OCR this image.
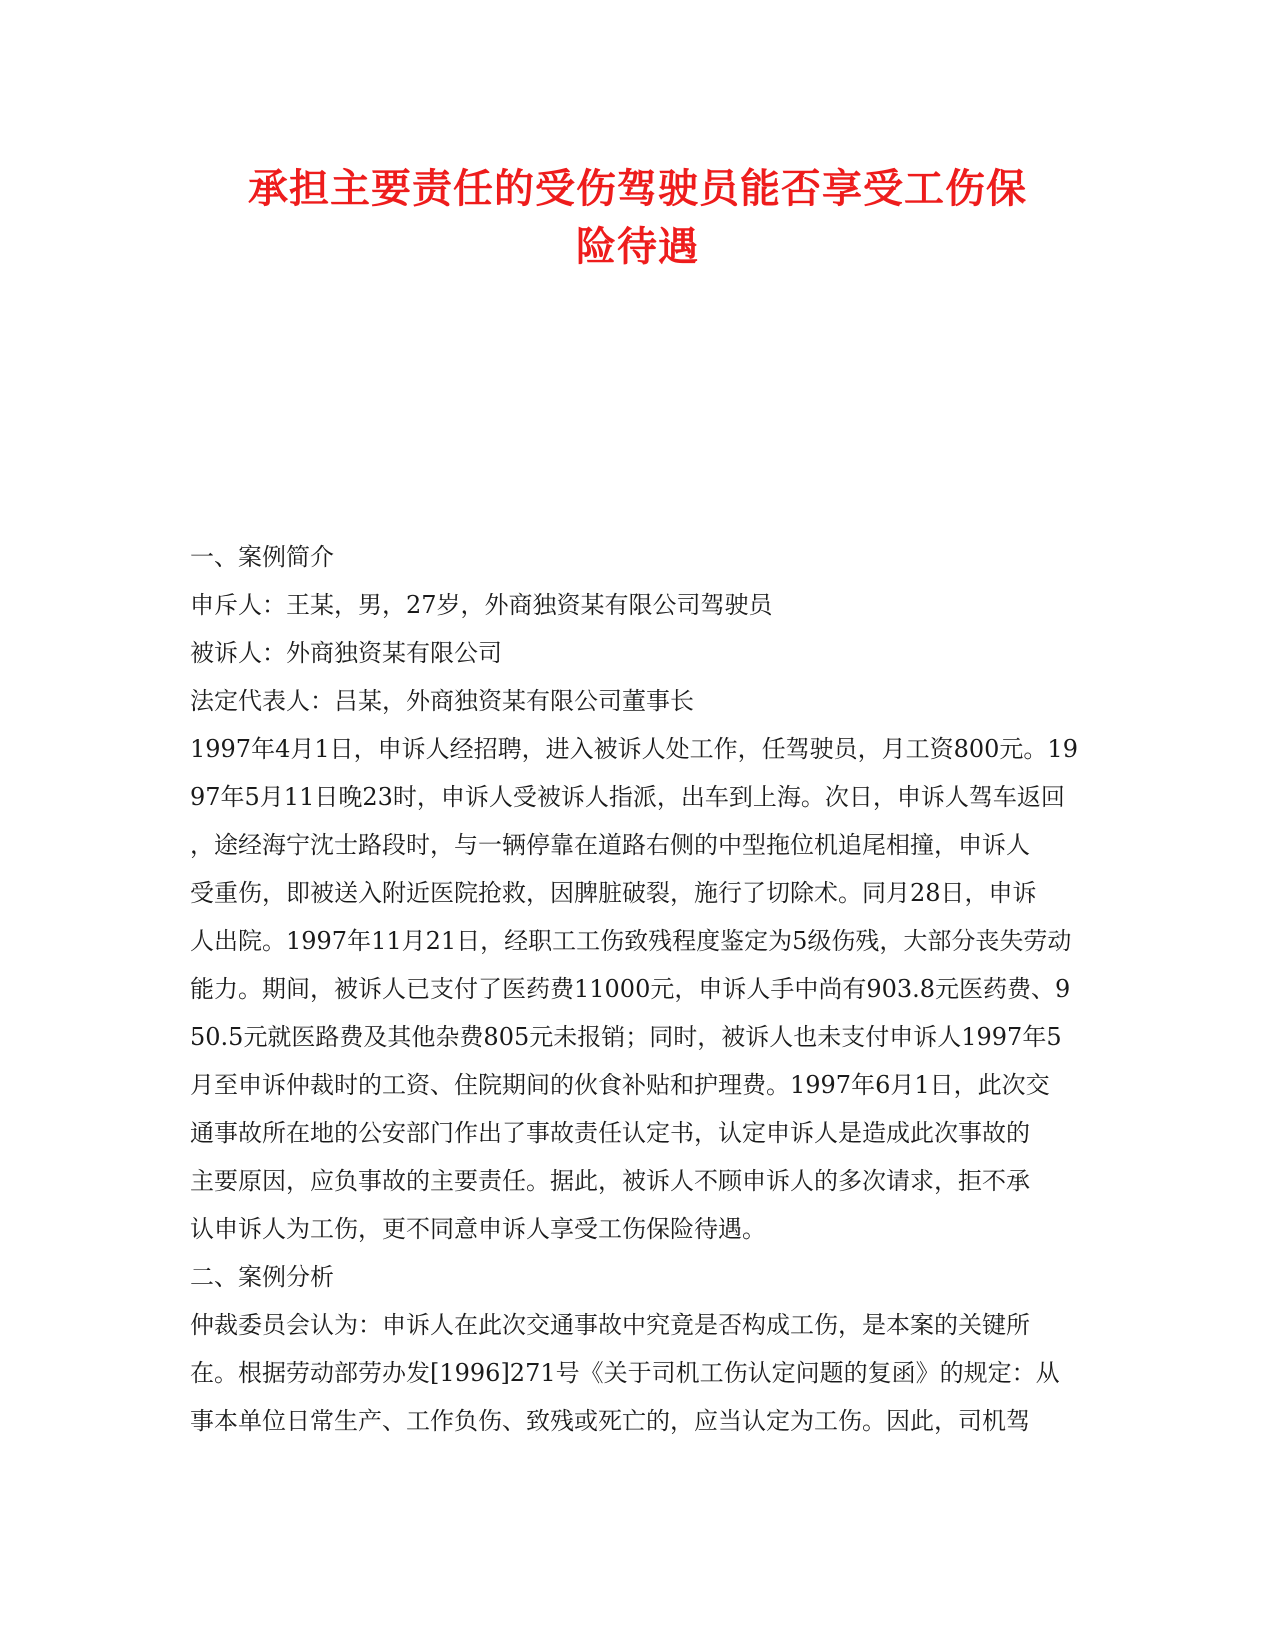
承担主要责任的受伤驾驶员能否享受工伤保
险待遇
一、案例简介
申斥人：王某，男，27岁，外商独资某有限公司驾驶员
被诉人：外商独资某有限公司
法定代表人：吕某，外商独资某有限公司董事长
1997年4月1日，申诉人经招聘，进入被诉人处工作，任驾驶员，月工资800元。19
97年5月11日晚23时，申诉人受被诉人指派，出车到上海。次日，申诉人驾车返回
，途经海宁沈士路段时，与一辆停靠在道路右侧的中型拖位机追尾相撞，申诉人
受重伤，即被送入附近医院抢救，因脾脏破裂，施行了切除术。同月28日，申诉
人出院。1997年11月21日，经职工工伤致残程度鉴定为5级伤残，大部分丧失劳动
能力。期间，被诉人已支付了医药费11000元，申诉人手中尚有903.8元医药费、9
50.5元就医路费及其他杂费805元未报销；同时，被诉人也未支付申诉人1997年5
月至申诉仲裁时的工资、住院期间的伙食补贴和护理费。1997年6月1日，此次交
通事故所在地的公安部门作出了事故责任认定书，认定申诉人是造成此次事故的
主要原因，应负事故的主要责任。据此，被诉人不顾申诉人的多次请求，拒不承
认申诉人为工伤，更不同意申诉人享受工伤保险待遇。
二、案例分析
仲裁委员会认为：申诉人在此次交通事故中究竟是否构成工伤，是本案的关键所
在。根据劳动部劳办发[1996]271号《关于司机工伤认定问题的复函》的规定：从
事本单位日常生产、工作负伤、致残或死亡的，应当认定为工伤。因此，司机驾
